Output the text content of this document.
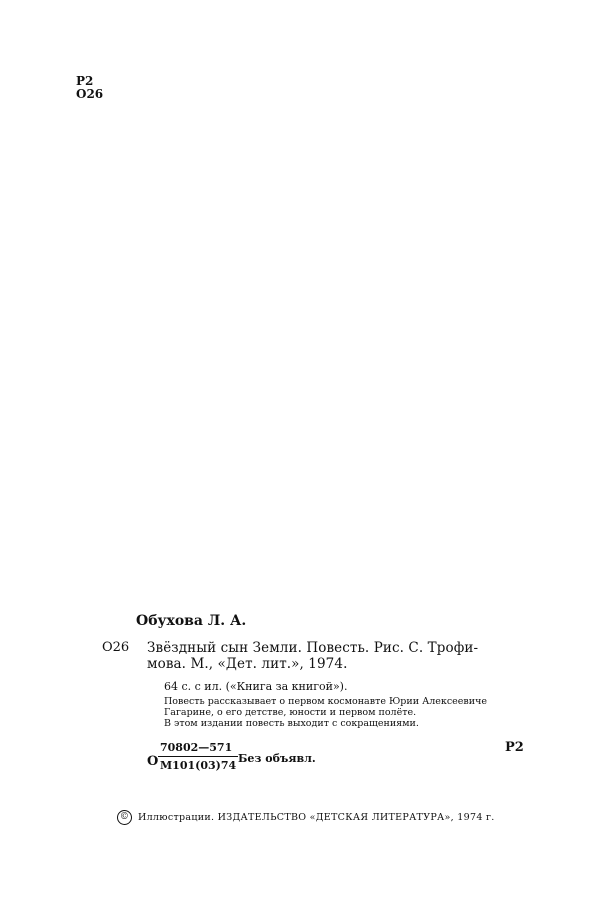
Р2
О26
Обухова Л. А.
О26 Звёздный сын Земли. Повесть. Рис. С. Трофи-
мова. М., «Дет. лит.», 1974.
64 с. с ил. («Книга за книгой»).
Повесть рассказывает о первом космонавте Юрии Алексеевиче
Гагарине, о его детстве, юности и первом полёте.
В этом издании повесть выходит с сокращениями.
О
70802—571
М101(03)74
Без объявл.
Р2
© Иллюстрации. ИЗДАТЕЛЬСТВО «ДЕТСКАЯ ЛИТЕРАТУРА», 1974 г.
